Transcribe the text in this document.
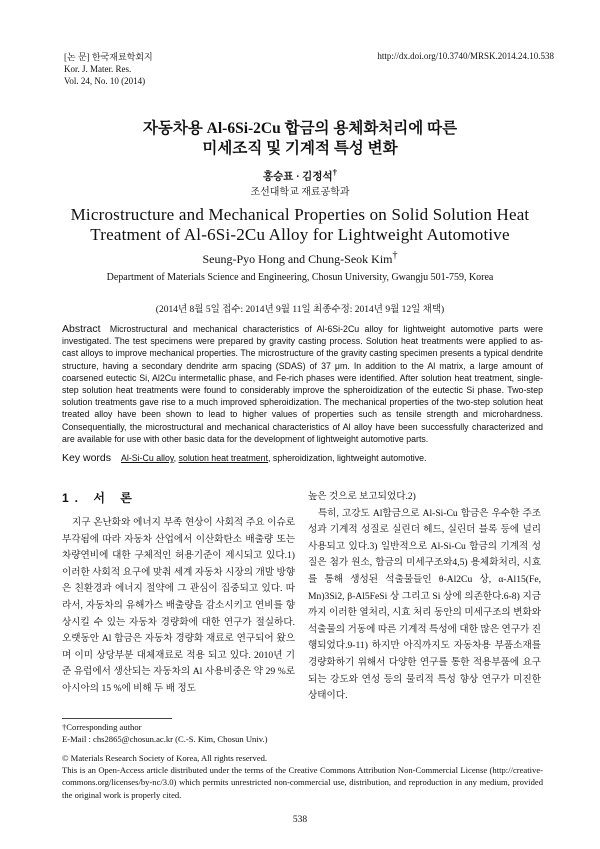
[논 문] 한국재료학회지
Kor. J. Mater. Res.
Vol. 24, No. 10 (2014)
http://dx.doi.org/10.3740/MRSK.2014.24.10.538
자동차용 Al-6Si-2Cu 합금의 용체화처리에 따른
미세조직 및 기계적 특성 변화
홍승표 · 김정석†
조선대학교 재료공학과
Microstructure and Mechanical Properties on Solid Solution Heat
Treatment of Al-6Si-2Cu Alloy for Lightweight Automotive
Seung-Pyo Hong and Chung-Seok Kim†
Department of Materials Science and Engineering, Chosun University, Gwangju 501-759, Korea
(2014년 8월 5일 접수: 2014년 9월 11일 최종수정: 2014년 9월 12일 채택)
Abstract Microstructural and mechanical characteristics of Al-6Si-2Cu alloy for lightweight automotive parts were investigated. The test specimens were prepared by gravity casting process. Solution heat treatments were applied to as-cast alloys to improve mechanical properties. The microstructure of the gravity casting specimen presents a typical dendrite structure, having a secondary dendrite arm spacing (SDAS) of 37 μm. In addition to the Al matrix, a large amount of coarsened eutectic Si, Al2Cu intermetallic phase, and Fe-rich phases were identified. After solution heat treatment, single-step solution heat treatments were found to considerably improve the spheroidization of the eutectic Si phase. Two-step solution treatments gave rise to a much improved spheroidization. The mechanical properties of the two-step solution heat treated alloy have been shown to lead to higher values of properties such as tensile strength and microhardness. Consequentially, the microstructural and mechanical characteristics of Al alloy have been successfully characterized and are available for use with other basic data for the development of lightweight automotive parts.
Key words Al-Si-Cu alloy, solution heat treatment, spheroidization, lightweight automotive.
1. 서 론

지구 온난화와 에너지 부족 현상이 사회적 주요 이슈로 부각됨에 따라 자동차 산업에서 이산화탄소 배출량 또는 차량연비에 대한 구체적인 허용기준이 제시되고 있다.1) 이러한 사회적 요구에 맞춰 세계 자동차 시장의 개발 방향은 친환경과 에너지 절약에 그 관심이 집중되고 있다. 따라서, 자동차의 유해가스 배출량을 감소시키고 연비를 향상시킬 수 있는 자동차 경량화에 대한 연구가 절실하다. 오랫동안 Al 합금은 자동차 경량화 재료로 연구되어 왔으며 이미 상당부분 대체재료로 적용 되고 있다. 2010년 기준 유럽에서 생산되는 자동차의 Al 사용비중은 약 29 %로 아시아의 15 %에 비해 두 배 정도

높은 것으로 보고되었다.2)

특히, 고강도 Al합금으로 Al-Si-Cu 합금은 우수한 주조성과 기계적 성질로 실린더 헤드, 실린더 블록 등에 널리 사용되고 있다.3) 일반적으로 Al-Si-Cu 합금의 기계적 성질은 첨가 원소, 합금의 미세구조와4,5) 용체화처리, 시효를 통해 생성된 석출물들인 θ-Al2Cu 상, α-Al15(Fe, Mn)3Si2, β-Al5FeSi 상 그리고 Si 상에 의존한다.6-8) 지금까지 이러한 열처리, 시효 처리 동안의 미세구조의 변화와 석출물의 거동에 따른 기계적 특성에 대한 많은 연구가 진행되었다.9-11) 하지만 아직까지도 자동차용 부품소재를 경량화하기 위해서 다양한 연구를 통한 적용부품에 요구되는 강도와 연성 등의 물리적 특성 향상 연구가 미진한 상태이다.

†Corresponding author
E-Mail : chs2865@chosun.ac.kr (C.-S. Kim, Chosun Univ.)
© Materials Research Society of Korea, All rights reserved.
This is an Open-Access article distributed under the terms of the Creative Commons Attribution Non-Commercial License (http://creative-commons.org/licenses/by-nc/3.0) which permits unrestricted non-commercial use, distribution, and reproduction in any medium, provided the original work is properly cited.
538
